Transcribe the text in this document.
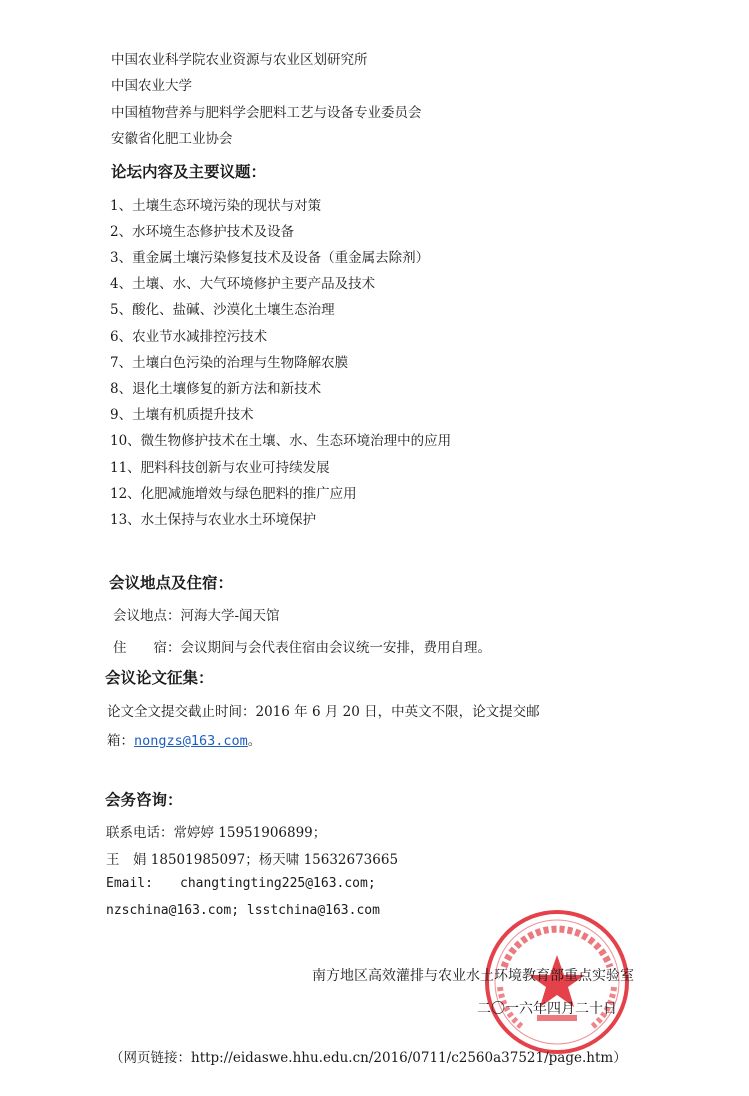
中国农业科学院农业资源与农业区划研究所
中国农业大学
中国植物营养与肥料学会肥料工艺与设备专业委员会
安徽省化肥工业协会
论坛内容及主要议题：
1、土壤生态环境污染的现状与对策
2、水环境生态修护技术及设备
3、重金属土壤污染修复技术及设备（重金属去除剂）
4、土壤、水、大气环境修护主要产品及技术
5、酸化、盐碱、沙漠化土壤生态治理
6、农业节水减排控污技术
7、土壤白色污染的治理与生物降解农膜
8、退化土壤修复的新方法和新技术
9、土壤有机质提升技术
10、微生物修护技术在土壤、水、生态环境治理中的应用
11、肥料科技创新与农业可持续发展
12、化肥减施增效与绿色肥料的推广应用
13、水土保持与农业水土环境保护
会议地点及住宿：
会议地点：河海大学-闻天馆
住　　宿：会议期间与会代表住宿由会议统一安排，费用自理。
会议论文征集：
论文全文提交截止时间：2016 年 6 月 20 日，中英文不限，论文提交邮
箱：nongzs@163.com。
会务咨询：
联系电话：常婷婷 15951906899；
王　娟 18501985097；杨天啸 15632673665
Email: changtingting225@163.com;
nzschina@163.com; lsstchina@163.com
南方地区高效灌排与农业水土环境教育部重点实验室
二〇一六年四月二十日
（网页链接：http://eidaswe.hhu.edu.cn/2016/0711/c2560a37521/page.htm）
